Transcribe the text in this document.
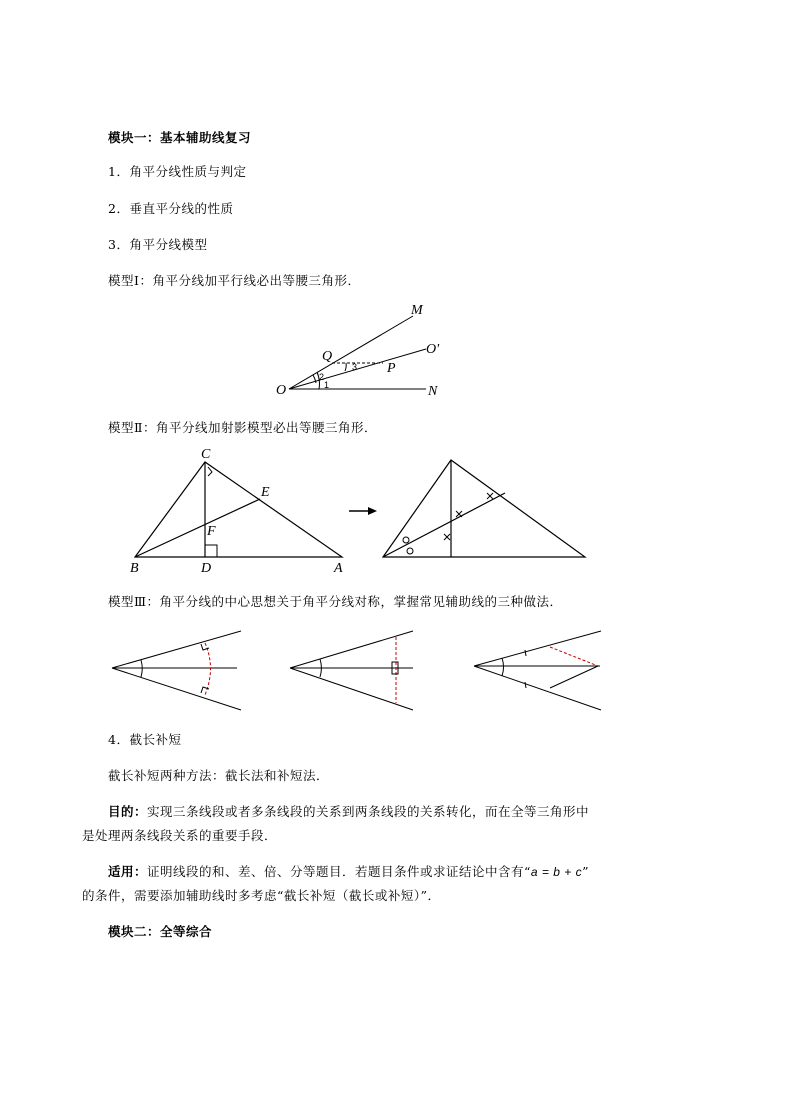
模块一：基本辅助线复习
1．角平分线性质与判定
2．垂直平分线的性质
3．角平分线模型
模型Ⅰ：角平分线加平行线必出等腰三角形．
模型Ⅱ：角平分线加射影模型必出等腰三角形．
模型Ⅲ：角平分线的中心思想关于角平分线对称，掌握常见辅助线的三种做法．
4．截长补短
截长补短两种方法：截长法和补短法．
目的：实现三条线段或者多条线段的关系到两条线段的关系转化，而在全等三角形中
是处理两条线段关系的重要手段．
适用：证明线段的和、差、倍、分等题目．若题目条件或求证结论中含有“a = b + c”
的条件，需要添加辅助线时多考虑“截长补短（截长或补短）”．
模块二：全等综合
M
O'
Q
P
O	N
1
2
3
C
E
F
B	D	A
